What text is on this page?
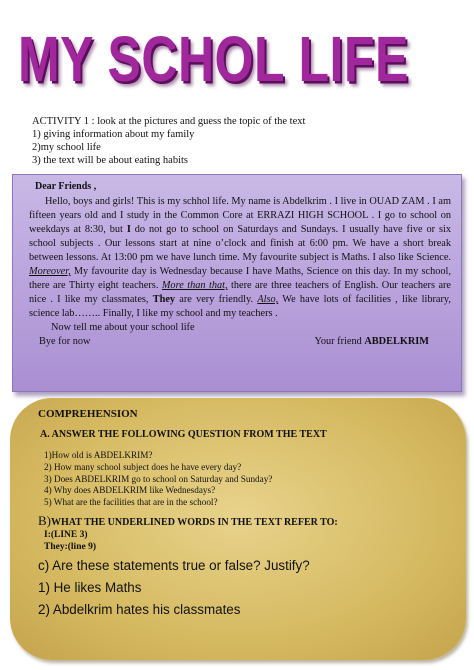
MY SCHOL LIFE
ACTIVITY 1 : look at the pictures and guess the topic of the text
1) giving information about my family
2)my school life
3) the text will be about eating habits
Dear Friends ,
Hello, boys and girls! This is my schhol life. My name is Abdelkrim . I live in OUAD ZAM . I am fifteen years old and I study in the Common Core at ERRAZI HIGH SCHOOL . I go to school on weekdays at 8:30, but I do not go to school on Saturdays and Sundays. I usually have five or six school subjects . Our lessons start at nine o’clock and finish at 6:00 pm. We have a short break between lessons. At 13:00 pm we have lunch time. My favourite subject is Maths. I also like Science. Moreover, My favourite day is Wednesday because I have Maths, Science on this day. In my school, there are Thirty eight teachers. More than that, there are three teachers of English. Our teachers are nice . I like my classmates, They are very friendly. Also, We have lots of facilities , like library, science lab…….. Finally, I like my school and my teachers .
Now tell me about your school life
Bye for now	Your friend ABDELKRIM
COMPREHENSION
A. ANSWER THE FOLLOWING QUESTION FROM THE TEXT
1)How old is ABDELKRIM?
2) How many school subject does he have every day?
3) Does ABDELKRIM go to school on Saturday and Sunday?
4) Why does ABDELKRIM like Wednesdays?
5) What are the facilities that are in the school?
B)WHAT THE UNDERLINED WORDS IN THE TEXT REFER TO:
I:(LINE 3)
They:(line 9)
c) Are these statements true or false? Justify?
1) He likes Maths
2) Abdelkrim hates his classmates
